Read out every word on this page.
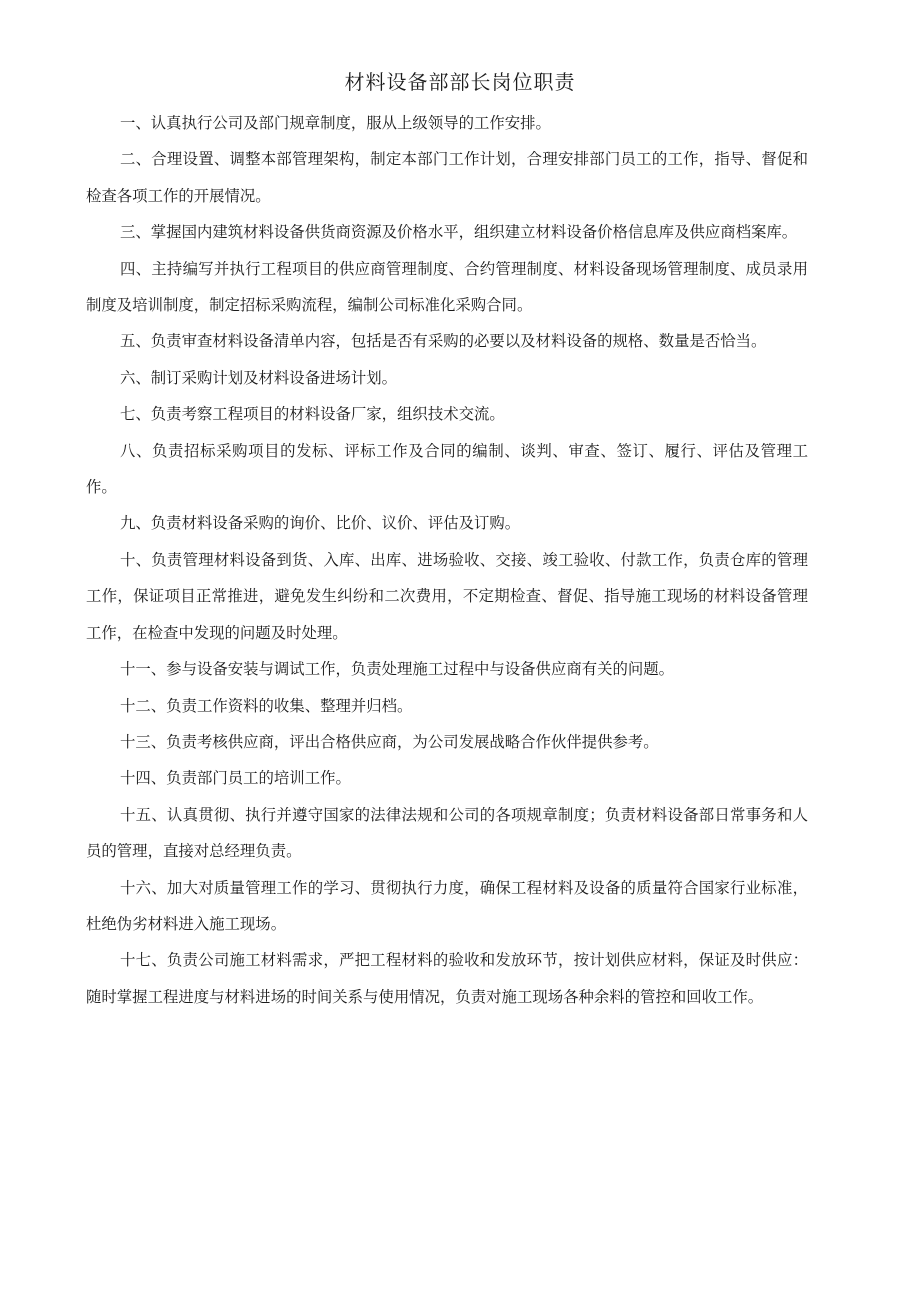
材料设备部部长岗位职责

一、认真执行公司及部门规章制度，服从上级领导的工作安排。

二、合理设置、调整本部管理架构，制定本部门工作计划，合理安排部门员工的工作，指导、督促和检查各项工作的开展情况。

三、掌握国内建筑材料设备供货商资源及价格水平，组织建立材料设备价格信息库及供应商档案库。

四、主持编写并执行工程项目的供应商管理制度、合约管理制度、材料设备现场管理制度、成员录用制度及培训制度，制定招标采购流程，编制公司标准化采购合同。

五、负责审查材料设备清单内容，包括是否有采购的必要以及材料设备的规格、数量是否恰当。

六、制订采购计划及材料设备进场计划。

七、负责考察工程项目的材料设备厂家，组织技术交流。

八、负责招标采购项目的发标、评标工作及合同的编制、谈判、审查、签订、履行、评估及管理工作。

九、负责材料设备采购的询价、比价、议价、评估及订购。

十、负责管理材料设备到货、入库、出库、进场验收、交接、竣工验收、付款工作，负责仓库的管理工作，保证项目正常推进，避免发生纠纷和二次费用，不定期检查、督促、指导施工现场的材料设备管理工作，在检查中发现的问题及时处理。

十一、参与设备安装与调试工作，负责处理施工过程中与设备供应商有关的问题。

十二、负责工作资料的收集、整理并归档。

十三、负责考核供应商，评出合格供应商，为公司发展战略合作伙伴提供参考。

十四、负责部门员工的培训工作。

十五、认真贯彻、执行并遵守国家的法律法规和公司的各项规章制度；负责材料设备部日常事务和人员的管理，直接对总经理负责。

十六、加大对质量管理工作的学习、贯彻执行力度，确保工程材料及设备的质量符合国家行业标准，杜绝伪劣材料进入施工现场。

十七、负责公司施工材料需求，严把工程材料的验收和发放环节，按计划供应材料，保证及时供应：随时掌握工程进度与材料进场的时间关系与使用情况，负责对施工现场各种余料的管控和回收工作。
